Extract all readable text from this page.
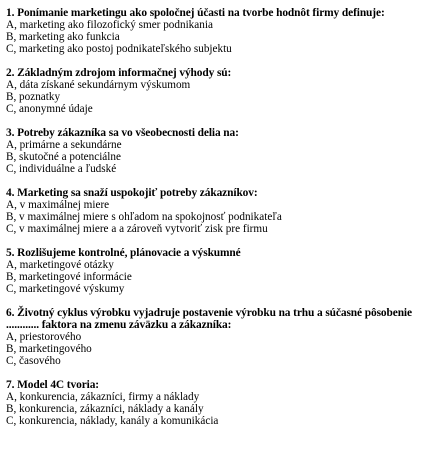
1. Ponímanie marketingu ako spoločnej účasti na tvorbe hodnôt firmy definuje:
A, marketing ako filozofický smer podnikania
B, marketing ako funkcia
C, marketing ako postoj podnikateľského subjektu
2. Základným zdrojom informačnej výhody sú:
A, dáta získané sekundárnym výskumom
B, poznatky
C, anonymné údaje
3. Potreby zákazníka sa vo všeobecnosti delia na:
A, primárne a sekundárne
B, skutočné a potenciálne
C, individuálne a ľudské
4. Marketing sa snaží uspokojiť potreby zákazníkov:
A, v maximálnej miere
B, v maximálnej miere s ohľadom na spokojnosť podnikateľa
C, v maximálnej miere a a zároveň vytvoriť zisk pre firmu
5. Rozlišujeme kontrolné, plánovacie a výskumné
A, marketingové otázky
B, marketingové informácie
C, marketingové výskumy
6. Životný cyklus výrobku vyjadruje postavenie výrobku na trhu a súčasné pôsobenie ............ faktora na zmenu záväzku a zákazníka:
A, priestorového
B, marketingového
C, časového
7. Model 4C tvoria:
A, konkurencia, zákazníci, firmy a náklady
B, konkurencia, zákazníci, náklady a kanály
C, konkurencia, náklady, kanály a komunikácia
